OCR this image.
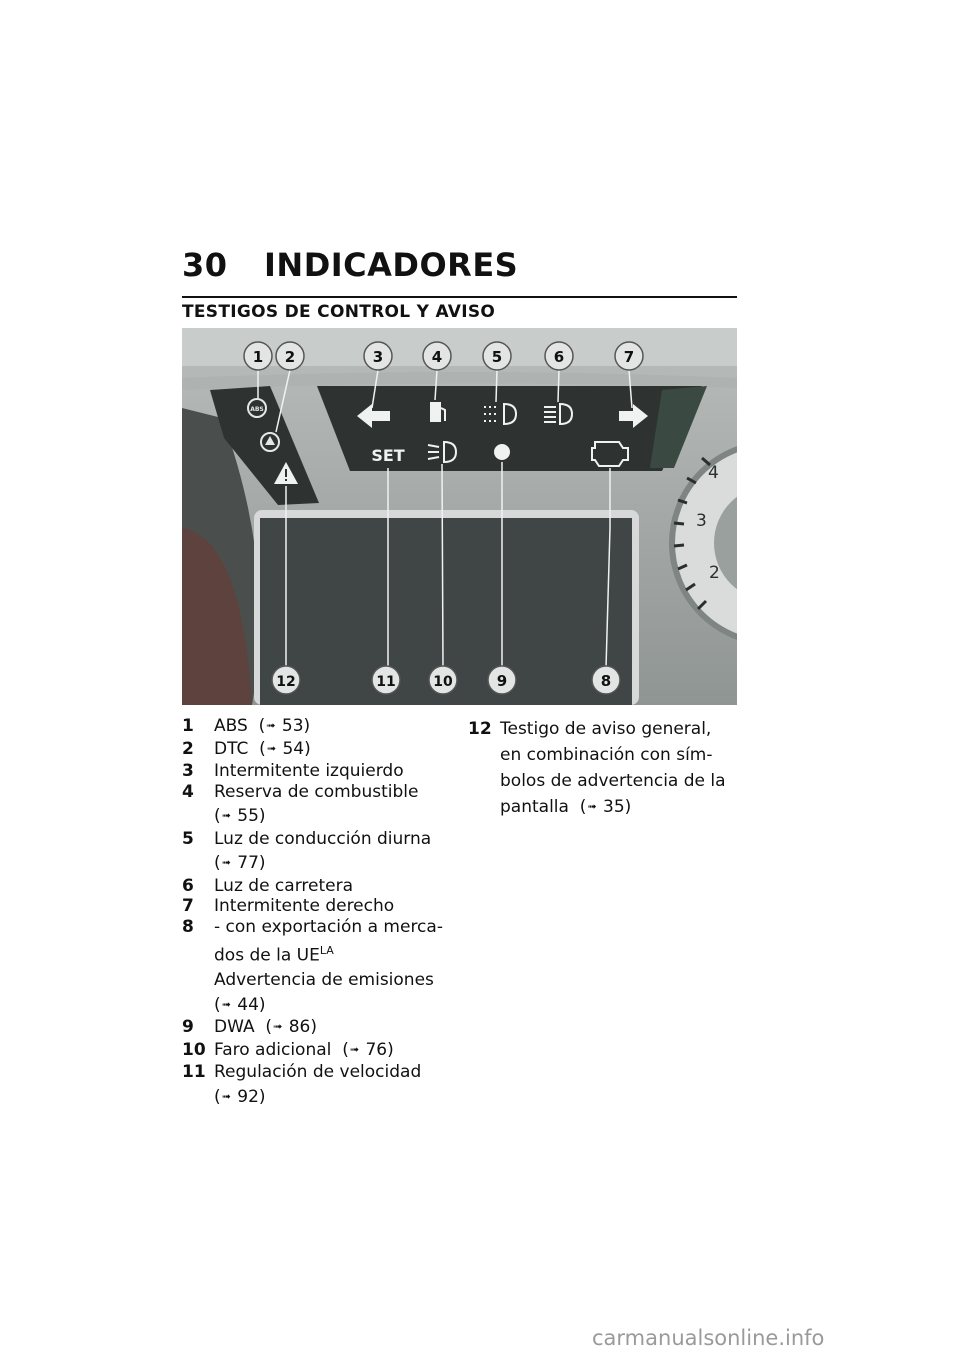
30 INDICADORES
TESTIGOS DE CONTROL Y AVISO
4
3
2
ABS
SET
1 2	3	4	5	6	7
12	11	10	9	8
1	ABS (➟ 53)
2	DTC (➟ 54)
3	Intermitente izquierdo
4	Reserva de combustible
(➟ 55)
5	Luz de conducción diurna
(➟ 77)
6	Luz de carretera
7	Intermitente derecho
8	- con exportación a merca-
dos de la $UE^{LA}$
Advertencia de emisiones
(➟ 44)
9	DWA (➟ 86)
10 Faro adicional (➟ 76)
11 Regulación de velocidad
(➟ 92)
12 Testigo de aviso general,
en combinación con sím-
bolos de advertencia de la
pantalla (➟ 35)
carmanualsonline.info
